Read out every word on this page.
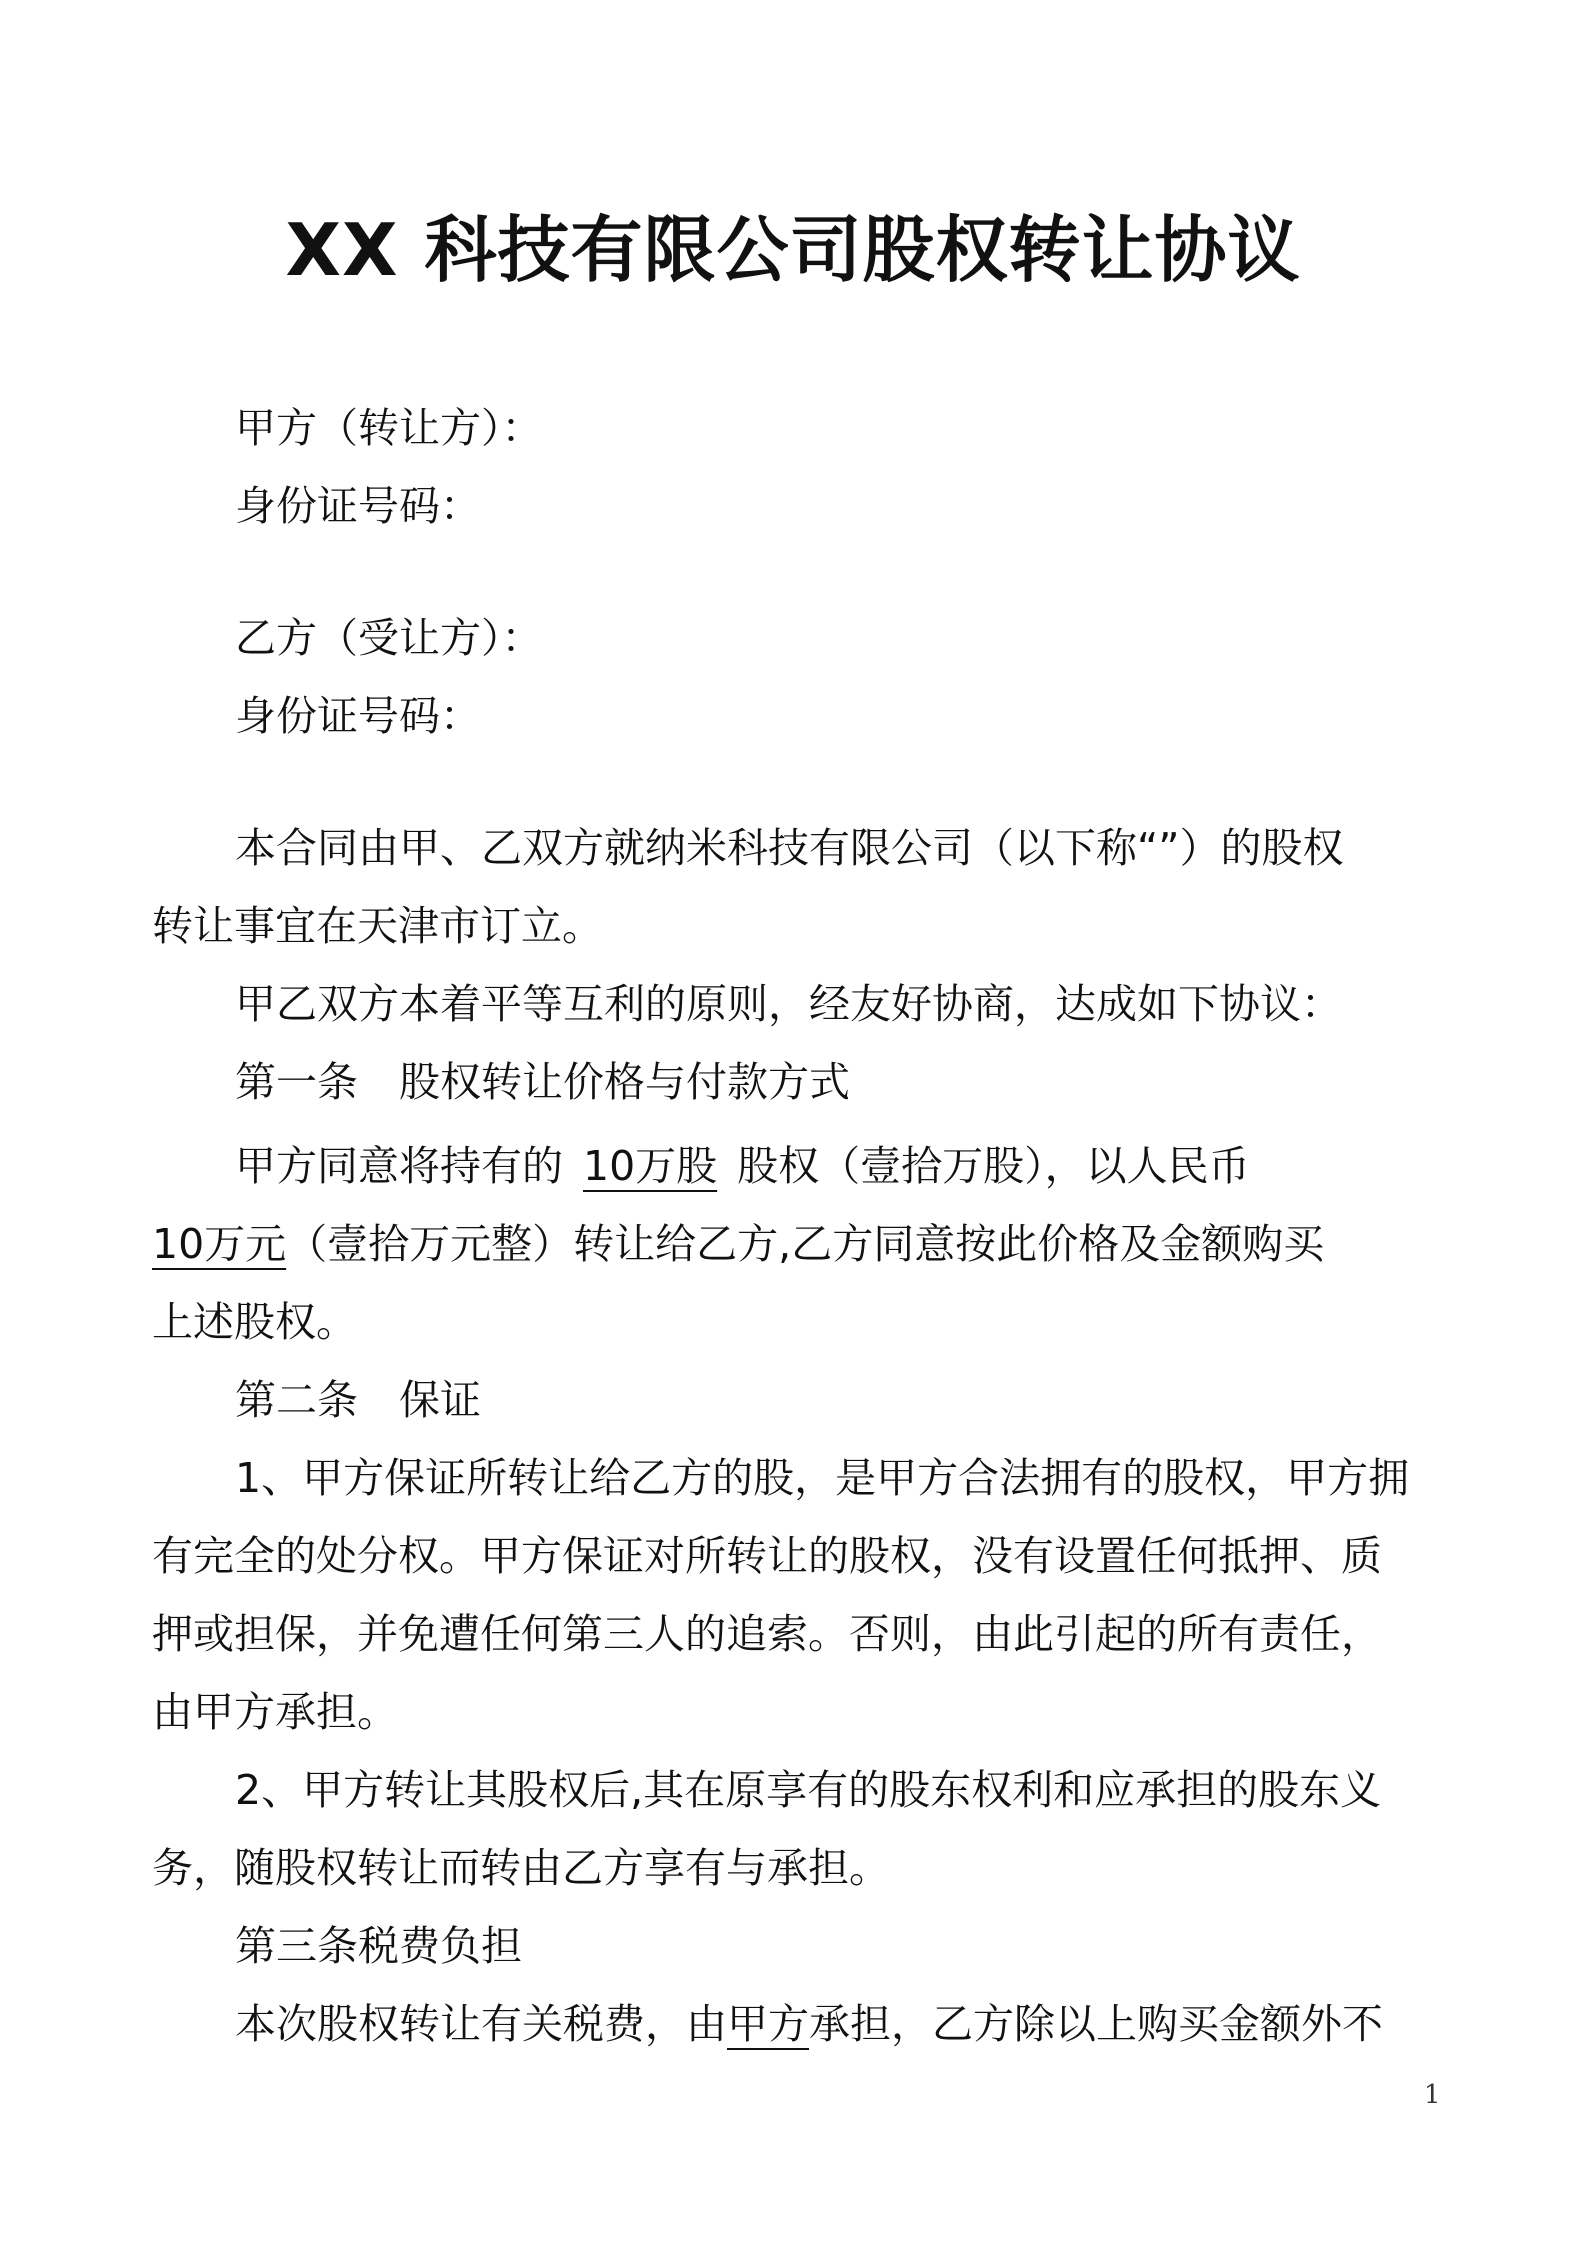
XX 科技有限公司股权转让协议
甲方（转让方）：
身份证号码：
乙方（受让方）：
身份证号码：
本合同由甲、乙双方就纳米科技有限公司（以下称“”）的股权
转让事宜在天津市订立。
甲乙双方本着平等互利的原则，经友好协商，达成如下协议：
第一条　股权转让价格与付款方式
甲方同意将持有的 10万股 股权（壹拾万股），以人民币
10万元（壹拾万元整）转让给乙方,乙方同意按此价格及金额购买
上述股权。
第二条　保证
1、甲方保证所转让给乙方的股，是甲方合法拥有的股权，甲方拥
有完全的处分权。甲方保证对所转让的股权，没有设置任何抵押、质
押或担保，并免遭任何第三人的追索。否则，由此引起的所有责任，
由甲方承担。
2、甲方转让其股权后,其在原享有的股东权利和应承担的股东义
务，随股权转让而转由乙方享有与承担。
第三条税费负担
本次股权转让有关税费，由甲方承担，乙方除以上购买金额外不
1
